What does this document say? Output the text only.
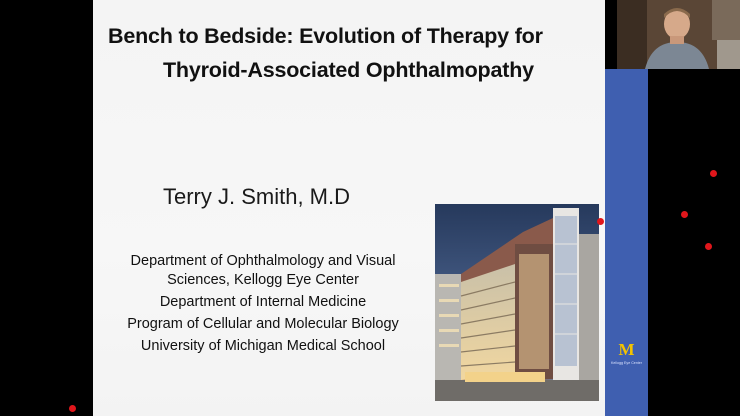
Bench to Bedside: Evolution of Therapy for
Thyroid-Associated Ophthalmopathy
Terry J. Smith, M.D
Department of Ophthalmology and Visual
Sciences, Kellogg Eye Center
Department of Internal Medicine
Program of Cellular and Molecular Biology
University of Michigan Medical School	M
Kellogg Eye Center
